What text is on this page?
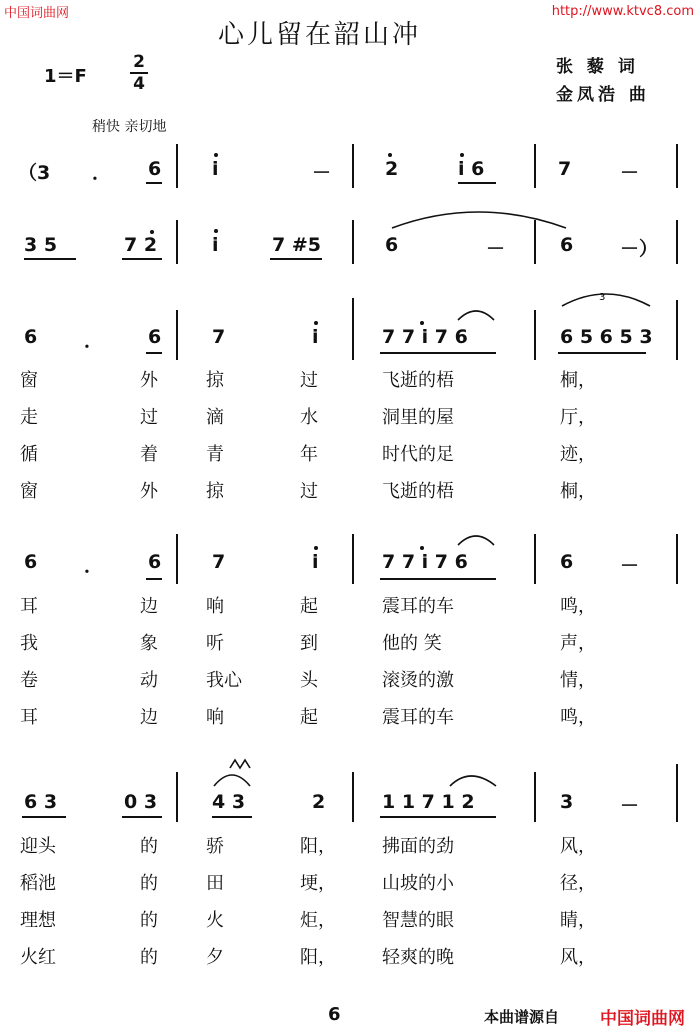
中国词曲网	http://www.ktvc8.com
心儿留在韶山冲
1＝F
2
4
张 藜 词
金凤浩 曲
稍快 亲切地
（3 ． 6	i	－	2	i 6	7	－
3 5	7 2	i	7 #5	6	－	6 －）
6 ． 6	7	i	7 7 i 7 6	6 5 6 5 3
6 ． 6	7	i	7 7 i 7 6	6 －
6 3	0 3	4 3	2	1 1 7 1 2	3 －
窗	外	掠	过	飞逝的梧	桐，
走	过	滴	水	洞里的屋	厅，
循	着	青	年	时代的足	迹，
窗	外	掠	过	飞逝的梧	桐，
耳	边	响	起	震耳的车	鸣，
我	象	听	到	他的 笑	声，
卷	动	我心	头	滚烫的激	情，
耳	边	响	起	震耳的车	鸣，
迎头	的	骄	阳，	拂面的劲	风，
稻池	的	田	埂，	山坡的小	径，
理想	的	火	炬，	智慧的眼	睛，
火红	的	夕	阳，	轻爽的晚	风，
3
6	本曲谱源自 中国词曲网
